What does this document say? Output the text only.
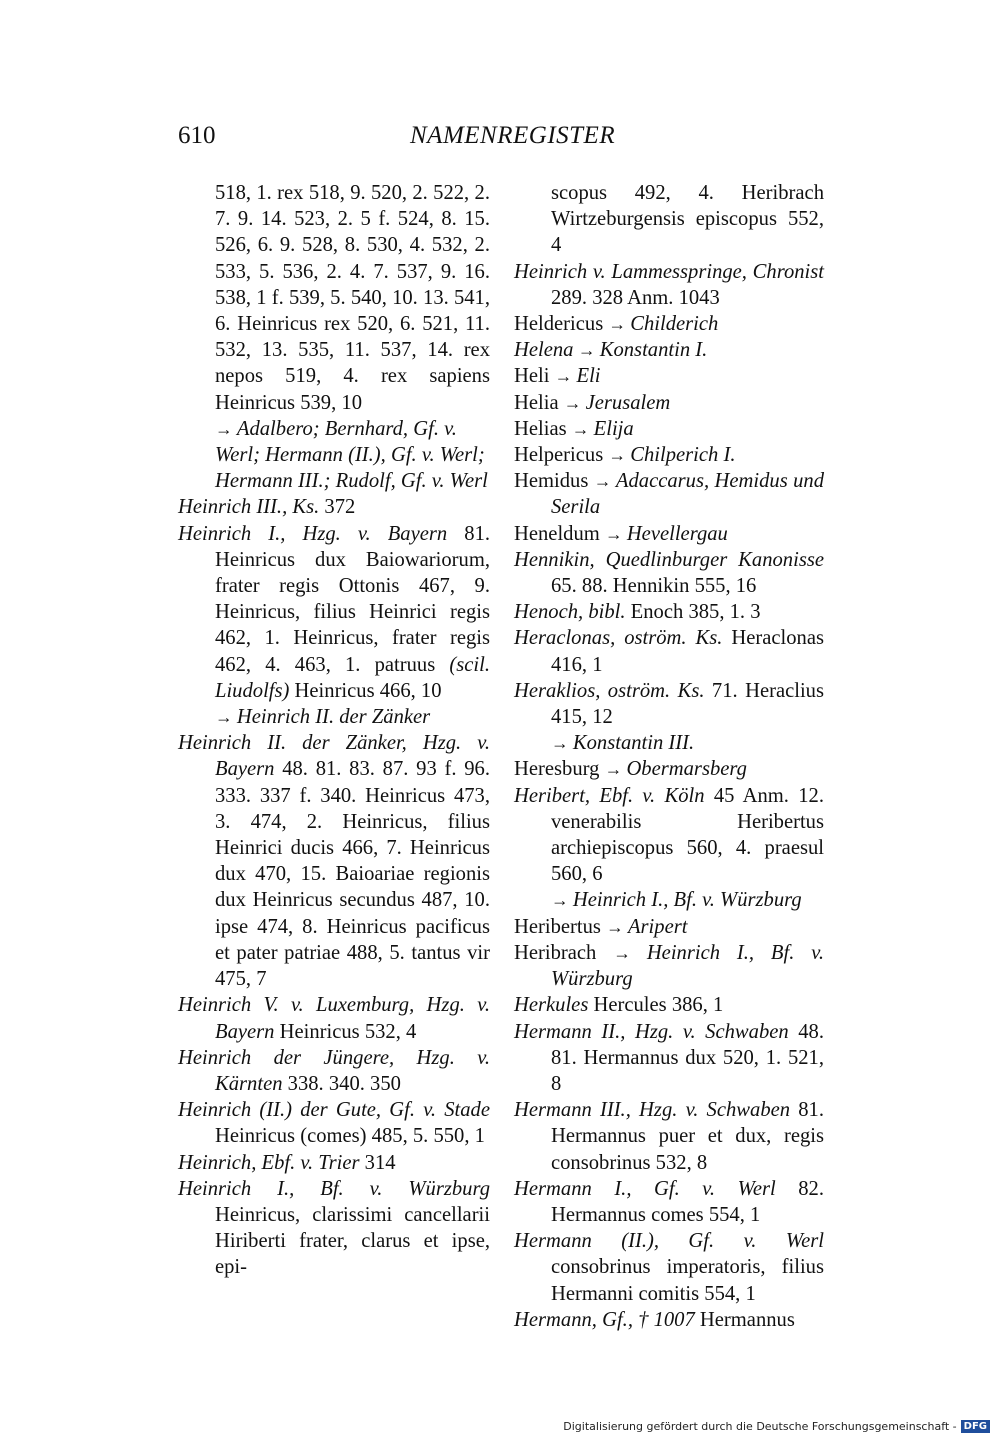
610	NAMENREGISTER
518, 1. rex 518, 9. 520, 2. 522, 2. 7. 9. 14. 523, 2. 5 f. 524, 8. 15. 526, 6. 9. 528, 8. 530, 4. 532, 2. 533, 5. 536, 2. 4. 7. 537, 9. 16. 538, 1 f. 539, 5. 540, 10. 13. 541, 6. Heinricus rex 520, 6. 521, 11. 532, 13. 535, 11. 537, 14. rex nepos 519, 4. rex sapiens Heinricus 539, 10
→ Adalbero; Bernhard, Gf. v. Werl; Hermann (II.), Gf. v. Werl; Hermann III.; Rudolf, Gf. v. Werl
Heinrich III., Ks. 372
Heinrich I., Hzg. v. Bayern 81. Heinricus dux Baiowariorum, frater regis Ottonis 467, 9. Heinricus, filius Heinrici regis 462, 1. Heinricus, frater regis 462, 4. 463, 1. patruus (scil. Liudolfs) Heinricus 466, 10
→ Heinrich II. der Zänker
Heinrich II. der Zänker, Hzg. v. Bayern 48. 81. 83. 87. 93 f. 96. 333. 337 f. 340. Heinricus 473, 3. 474, 2. Heinricus, filius Heinrici ducis 466, 7. Heinricus dux 470, 15. Baioariae regionis dux Heinricus secundus 487, 10. ipse 474, 8. Heinricus pacificus et pater patriae 488, 5. tantus vir 475, 7
Heinrich V. v. Luxemburg, Hzg. v. Bayern Heinricus 532, 4
Heinrich der Jüngere, Hzg. v. Kärnten 338. 340. 350
Heinrich (II.) der Gute, Gf. v. Stade Heinricus (comes) 485, 5. 550, 1
Heinrich, Ebf. v. Trier 314
Heinrich I., Bf. v. Würzburg Heinricus, clarissimi cancellarii Hiriberti frater, clarus et ipse, epi-
scopus 492, 4. Heribrach Wirtzeburgensis episcopus 552, 4
Heinrich v. Lammesspringe, Chronist 289. 328 Anm. 1043
Heldericus → Childerich
Helena → Konstantin I.
Heli → Eli
Helia → Jerusalem
Helias → Elija
Helpericus → Chilperich I.
Hemidus → Adaccarus, Hemidus und Serila
Heneldum → Hevellergau
Hennikin, Quedlinburger Kanonisse 65. 88. Hennikin 555, 16
Henoch, bibl. Enoch 385, 1. 3
Heraclonas, oström. Ks. Heraclonas 416, 1
Heraklios, oström. Ks. 71. Heraclius 415, 12
→ Konstantin III.
Heresburg → Obermarsberg
Heribert, Ebf. v. Köln 45 Anm. 12. venerabilis Heribertus archiepiscopus 560, 4. praesul 560, 6
→ Heinrich I., Bf. v. Würzburg
Heribertus → Aripert
Heribrach → Heinrich I., Bf. v. Würzburg
Herkules Hercules 386, 1
Hermann II., Hzg. v. Schwaben 48. 81. Hermannus dux 520, 1. 521, 8
Hermann III., Hzg. v. Schwaben 81. Hermannus puer et dux, regis consobrinus 532, 8
Hermann I., Gf. v. Werl 82. Hermannus comes 554, 1
Hermann (II.), Gf. v. Werl consobrinus imperatoris, filius Hermanni comitis 554, 1
Hermann, Gf., † 1007 Hermannus
Digitalisierung gefördert durch die Deutsche Forschungsgemeinschaft - DFG
